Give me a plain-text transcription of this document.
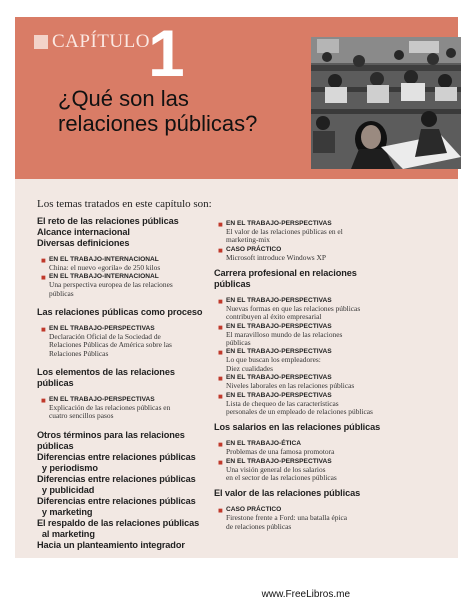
CAPÍTULO
1
¿Qué son las
relaciones públicas?
Los temas tratados en este capítulo son:
El reto de las relaciones públicas
Alcance internacional
Diversas definiciones
■ EN EL TRABAJO-INTERNACIONAL
China: el nuevo «gorila» de 250 kilos
■ EN EL TRABAJO-INTERNACIONAL
Una perspectiva europea de las relaciones
públicas
Las relaciones públicas como proceso
■ EN EL TRABAJO-PERSPECTIVAS
Declaración Oficial de la Sociedad de
Relaciones Públicas de América sobre las
Relaciones Públicas
Los elementos de las relaciones públicas
■ EN EL TRABAJO-PERSPECTIVAS
Explicación de las relaciones públicas en
cuatro sencillos pasos
Otros términos para las relaciones públicas
Diferencias entre relaciones públicas
y periodismo
Diferencias entre relaciones públicas
y publicidad
Diferencias entre relaciones públicas
y marketing
El respaldo de las relaciones públicas
al marketing
Hacia un planteamiento integrador
■ EN EL TRABAJO-PERSPECTIVAS
El valor de las relaciones públicas en el
marketing-mix
■ CASO PRÁCTICO
Microsoft introduce Windows XP
Carrera profesional en relaciones públicas
■ EN EL TRABAJO-PERSPECTIVAS
Nuevas formas en que las relaciones públicas
contribuyen al éxito empresarial
■ EN EL TRABAJO-PERSPECTIVAS
El maravilloso mundo de las relaciones
públicas
■ EN EL TRABAJO-PERSPECTIVAS
Lo que buscan los empleadores:
Diez cualidades
■ EN EL TRABAJO-PERSPECTIVAS
Niveles laborales en las relaciones públicas
■ EN EL TRABAJO-PERSPECTIVAS
Lista de chequeo de las características
personales de un empleado de relaciones públicas
Los salarios en las relaciones públicas
■ EN EL TRABAJO-ÉTICA
Problemas de una famosa promotora
■ EN EL TRABAJO-PERSPECTIVAS
Una visión general de los salarios
en el sector de las relaciones públicas
El valor de las relaciones públicas
■ CASO PRÁCTICO
Firestone frente a Ford: una batalla épica
de relaciones públicas
www.FreeLibros.me
